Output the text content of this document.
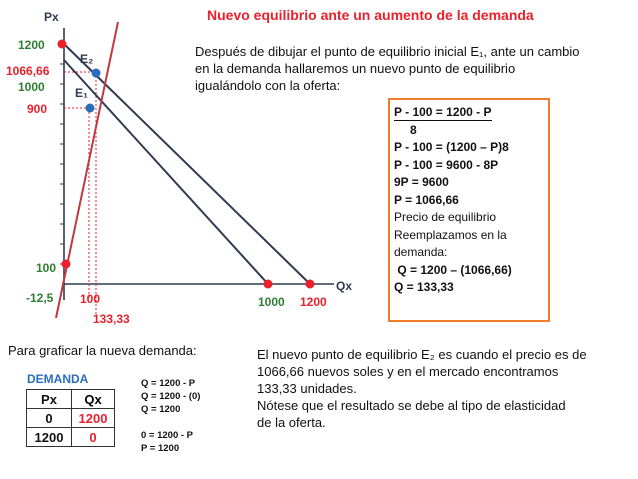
Px
Qx
1200
1066,66
1000
900
100
-12,5 100
133,33
1000 1200
E₂
E₁
Nuevo equilibrio ante un aumento de la demanda
Después de dibujar el punto de equilibrio inicial E₁, ante un cambio
en la demanda hallaremos un nuevo punto de equilibrio
igualándolo con la oferta:
P - 100 = 1200 - P
8
P - 100 = (1200 – P)8
P - 100 = 9600 - 8P
9P = 9600
P = 1066,66
Precio de equilibrio
Reemplazamos en la
demanda:
Q = 1200 – (1066,66)
Q = 133,33
Para graficar la nueva demanda:
DEMANDA
Px	Qx
0	1200
1200	0
Q = 1200 - P
Q = 1200 - (0)
Q = 1200
0 = 1200 - P
P = 1200
El nuevo punto de equilibrio E₂ es cuando el precio es de
1066,66 nuevos soles y en el mercado encontramos
133,33 unidades.
Nótese que el resultado se debe al tipo de elasticidad
de la oferta.
